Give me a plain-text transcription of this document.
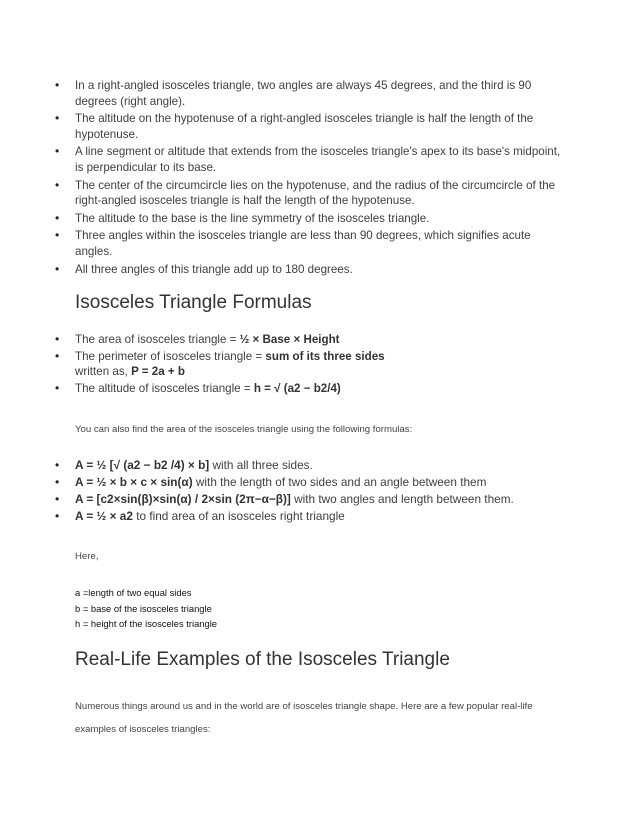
• In a right-angled isosceles triangle, two angles are always 45 degrees, and the third is 90 degrees (right angle).
• The altitude on the hypotenuse of a right-angled isosceles triangle is half the length of the hypotenuse.
• A line segment or altitude that extends from the isosceles triangle's apex to its base's midpoint, is perpendicular to its base.
• The center of the circumcircle lies on the hypotenuse, and the radius of the circumcircle of the right-angled isosceles triangle is half the length of the hypotenuse.
• The altitude to the base is the line symmetry of the isosceles triangle.
• Three angles within the isosceles triangle are less than 90 degrees, which signifies acute angles.
• All three angles of this triangle add up to 180 degrees.
Isosceles Triangle Formulas
• The area of isosceles triangle = ½ × Base × Height
• The perimeter of isosceles triangle = sum of its three sides
written as, P = 2a + b
• The altitude of isosceles triangle = h = √ (a2 − b2/4)
You can also find the area of the isosceles triangle using the following formulas:
• A = ½ [√ (a2 − b2 /4) × b] with all three sides.
• A = ½ × b × c × sin(α) with the length of two sides and an angle between them
• A = [c2×sin(β)×sin(α) / 2×sin (2π−α−β)] with two angles and length between them.
• A = ½ × a2 to find area of an isosceles right triangle
Here,
a =length of two equal sides
b = base of the isosceles triangle
h = height of the isosceles triangle
Real-Life Examples of the Isosceles Triangle
Numerous things around us and in the world are of isosceles triangle shape. Here are a few popular real-life examples of isosceles triangles:
